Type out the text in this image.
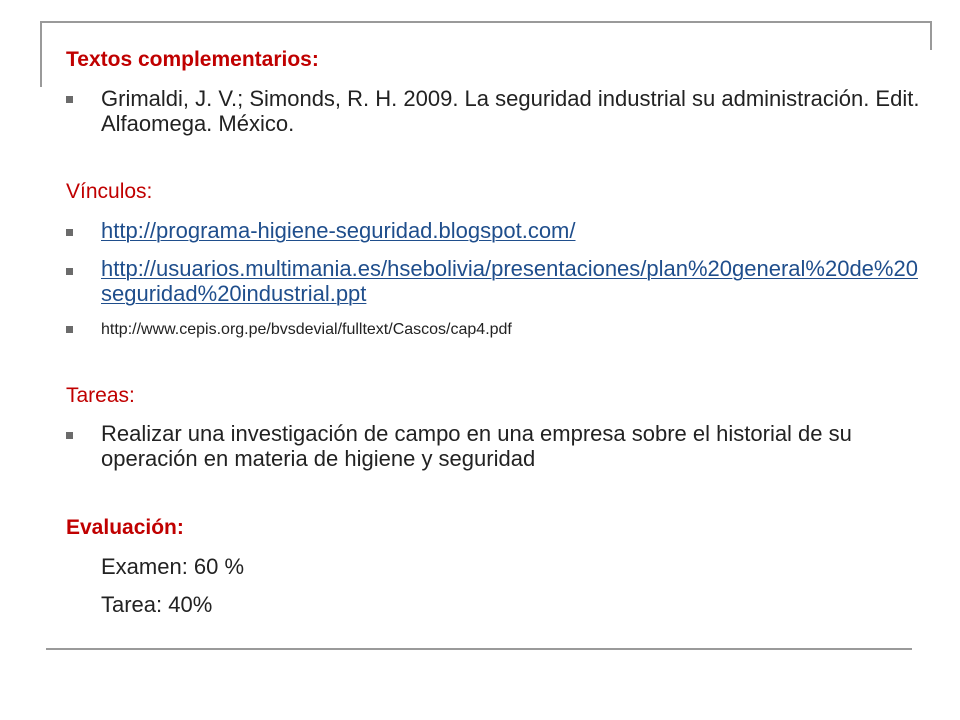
Textos complementarios:
Grimaldi, J. V.; Simonds, R. H. 2009. La seguridad industrial su administración. Edit. Alfaomega. México.
Vínculos:
http://programa-higiene-seguridad.blogspot.com/
http://usuarios.multimania.es/hsebolivia/presentaciones/plan%20general%20de%20seguridad%20industrial.ppt
http://www.cepis.org.pe/bvsdevial/fulltext/Cascos/cap4.pdf
Tareas:
Realizar una investigación de campo en una empresa sobre el historial de su operación en materia de higiene y seguridad
Evaluación:
Examen: 60 %
Tarea: 40%
